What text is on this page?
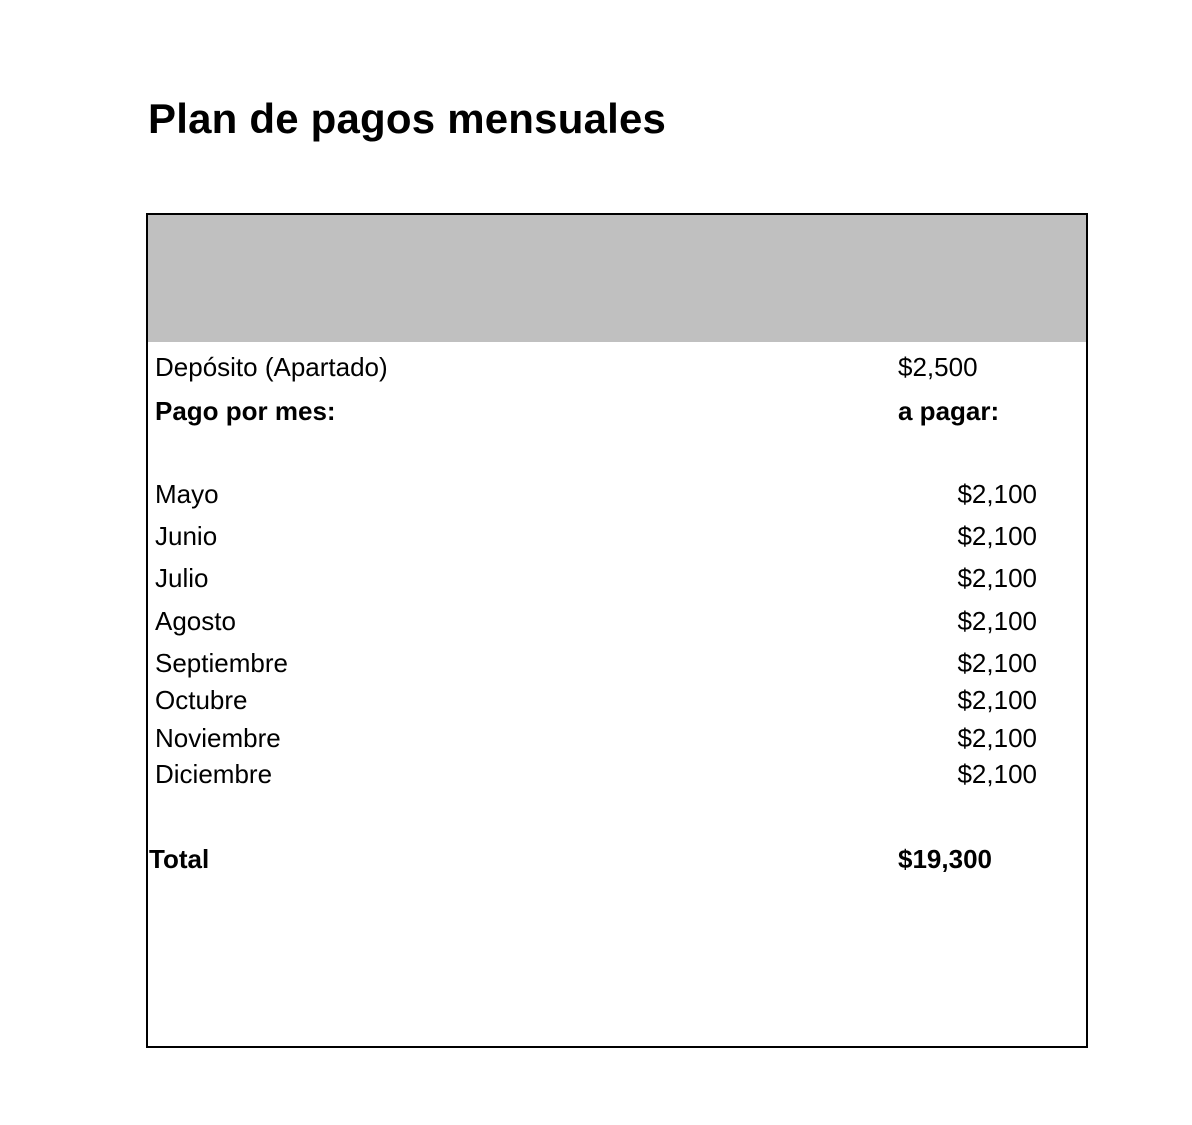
Plan de pagos mensuales
Depósito (Apartado)	$2,500
Pago por mes:	a pagar:
Mayo	$2,100
Junio	$2,100
Julio	$2,100
Agosto	$2,100
Septiembre	$2,100
Octubre	$2,100
Noviembre	$2,100
Diciembre	$2,100
Total	$19,300
